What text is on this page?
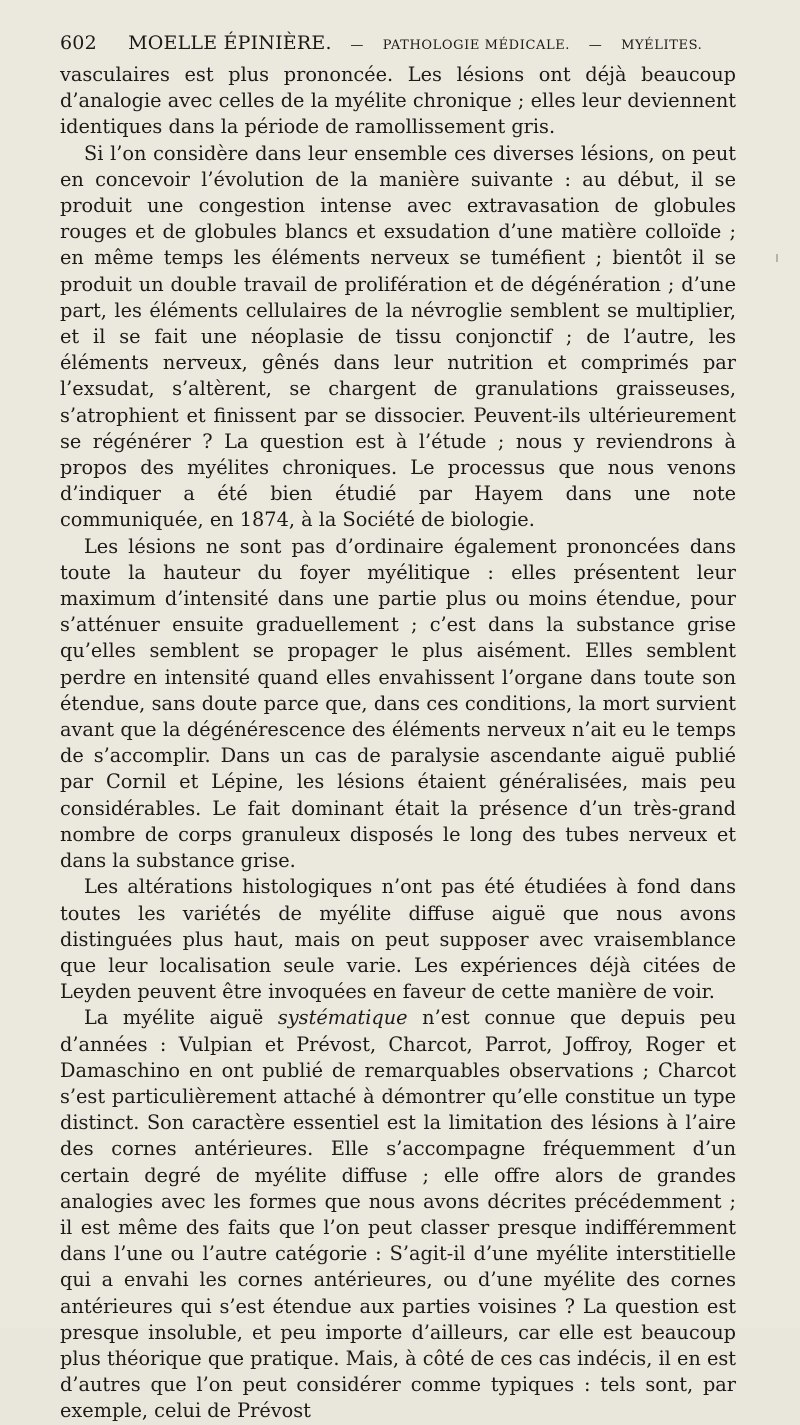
602 MOELLE ÉPINIÈRE. — PATHOLOGIE MÉDICALE. — MYÉLITES.

vasculaires est plus prononcée. Les lésions ont déjà beaucoup d’analogie avec celles de la myélite chronique ; elles leur deviennent identiques dans la période de ramollissement gris.

Si l’on considère dans leur ensemble ces diverses lésions, on peut en concevoir l’évolution de la manière suivante : au début, il se produit une congestion intense avec extravasation de globules rouges et de globules blancs et exsudation d’une matière colloïde ; en même temps les éléments nerveux se tuméfient ; bientôt il se produit un double travail de prolifération et de dégénération ; d’une part, les éléments cellulaires de la névroglie semblent se multiplier, et il se fait une néoplasie de tissu conjonctif ; de l’autre, les éléments nerveux, gênés dans leur nutrition et comprimés par l’exsudat, s’altèrent, se chargent de granulations graisseuses, s’atrophient et finissent par se dissocier. Peuvent-ils ultérieurement se régénérer ? La question est à l’étude ; nous y reviendrons à propos des myélites chroniques. Le processus que nous venons d’indiquer a été bien étudié par Hayem dans une note communiquée, en 1874, à la Société de biologie.

Les lésions ne sont pas d’ordinaire également prononcées dans toute la hauteur du foyer myélitique : elles présentent leur maximum d’intensité dans une partie plus ou moins étendue, pour s’atténuer ensuite graduellement ; c’est dans la substance grise qu’elles semblent se propager le plus aisément. Elles semblent perdre en intensité quand elles envahissent l’organe dans toute son étendue, sans doute parce que, dans ces conditions, la mort survient avant que la dégénérescence des éléments nerveux n’ait eu le temps de s’accomplir. Dans un cas de paralysie ascendante aiguë publié par Cornil et Lépine, les lésions étaient généralisées, mais peu considérables. Le fait dominant était la présence d’un très-grand nombre de corps granuleux disposés le long des tubes nerveux et dans la substance grise.

Les altérations histologiques n’ont pas été étudiées à fond dans toutes les variétés de myélite diffuse aiguë que nous avons distinguées plus haut, mais on peut supposer avec vraisemblance que leur localisation seule varie. Les expériences déjà citées de Leyden peuvent être invoquées en faveur de cette manière de voir.

La myélite aiguë systématique n’est connue que depuis peu d’années : Vulpian et Prévost, Charcot, Parrot, Joffroy, Roger et Damaschino en ont publié de remarquables observations ; Charcot s’est particulièrement attaché à démontrer qu’elle constitue un type distinct. Son caractère essentiel est la limitation des lésions à l’aire des cornes antérieures. Elle s’accompagne fréquemment d’un certain degré de myélite diffuse ; elle offre alors de grandes analogies avec les formes que nous avons décrites précédemment ; il est même des faits que l’on peut classer presque indifféremment dans l’une ou l’autre catégorie : S’agit-il d’une myélite interstitielle qui a envahi les cornes antérieures, ou d’une myélite des cornes antérieures qui s’est étendue aux parties voisines ? La question est presque insoluble, et peu importe d’ailleurs, car elle est beaucoup plus théorique que pratique. Mais, à côté de ces cas indécis, il en est d’autres que l’on peut considérer comme typiques : tels sont, par exemple, celui de Prévost
